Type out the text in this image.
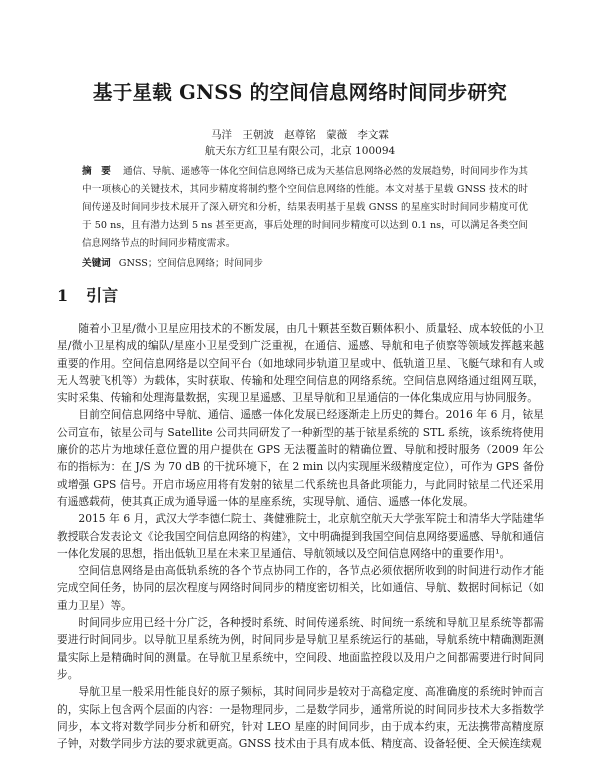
基于星载 GNSS 的空间信息网络时间同步研究
马洋 王朝波 赵尊铭 蒙薇 李文霖
航天东方红卫星有限公司，北京 100094
摘　要 通信、导航、遥感等一体化空间信息网络已成为天基信息网络必然的发展趋势，时间同步作为其中一项核心的关键技术，其同步精度将制约整个空间信息网络的性能。本文对基于星载 GNSS 技术的时间传递及时间同步技术展开了深入研究和分析，结果表明基于星载 GNSS 的星座实时时间同步精度可优于 50 ns，且有潜力达到 5 ns 甚至更高，事后处理的时间同步精度可以达到 0.1 ns，可以满足各类空间信息网络节点的时间同步精度需求。
关键词 GNSS；空间信息网络；时间同步
1 引言

随着小卫星/微小卫星应用技术的不断发展，由几十颗甚至数百颗体积小、质量轻、成本较低的小卫星/微小卫星构成的编队/星座小卫星受到广泛重视，在通信、遥感、导航和电子侦察等领域发挥越来越重要的作用。空间信息网络是以空间平台（如地球同步轨道卫星或中、低轨道卫星、飞艇气球和有人或无人驾驶飞机等）为载体，实时获取、传输和处理空间信息的网络系统。空间信息网络通过组网互联，实时采集、传输和处理海量数据，实现卫星遥感、卫星导航和卫星通信的一体化集成应用与协同服务。

目前空间信息网络中导航、通信、遥感一体化发展已经逐渐走上历史的舞台。2016 年 6 月，铱星公司宣布，铱星公司与 Satellite 公司共同研发了一种新型的基于铱星系统的 STL 系统，该系统将使用廉价的芯片为地球任意位置的用户提供在 GPS 无法覆盖时的精确位置、导航和授时服务（2009 年公布的指标为：在 J/S 为 70 dB 的干扰环境下，在 2 min 以内实现厘米级精度定位），可作为 GPS 备份或增强 GPS 信号。开启市场应用将有发射的铱星二代系统也具备此项能力，与此同时铱星二代还采用有遥感载荷，使其真正成为通导遥一体的星座系统，实现导航、通信、遥感一体化发展。

2015 年 6 月，武汉大学李德仁院士、龚健雅院士，北京航空航天大学张军院士和清华大学陆建华教授联合发表论文《论我国空间信息网络的构建》，文中明确提到我国空间信息网络要遥感、导航和通信一体化发展的思想，指出低轨卫星在未来卫星通信、导航领域以及空间信息网络中的重要作用¹。

空间信息网络是由高低轨系统的各个节点协同工作的，各节点必须依据所收到的时间进行动作才能完成空间任务，协同的层次程度与网络时间同步的精度密切相关，比如通信、导航、数据时间标记（如重力卫星）等。

时间同步应用已经十分广泛，各种授时系统、时间传递系统、时间统一系统和导航卫星系统等都需要进行时间同步。以导航卫星系统为例，时间同步是导航卫星系统运行的基础，导航系统中精确测距测量实际上是精确时间的测量。在导航卫星系统中，空间段、地面监控段以及用户之间都需要进行时间同步。

导航卫星一般采用性能良好的原子频标，其时间同步是较对于高稳定度、高准确度的系统时钟而言的，实际上包含两个层面的内容：一是物理同步，二是数学同步，通常所说的时间同步技术大多指数学同步，本文将对数学同步分析和研究，针对 LEO 星座的时间同步，由于成本约束，无法携带高精度原子钟，对数学同步方法的要求就更高。GNSS 技术由于具有成本低、精度高、设备轻便、全天候连续观
